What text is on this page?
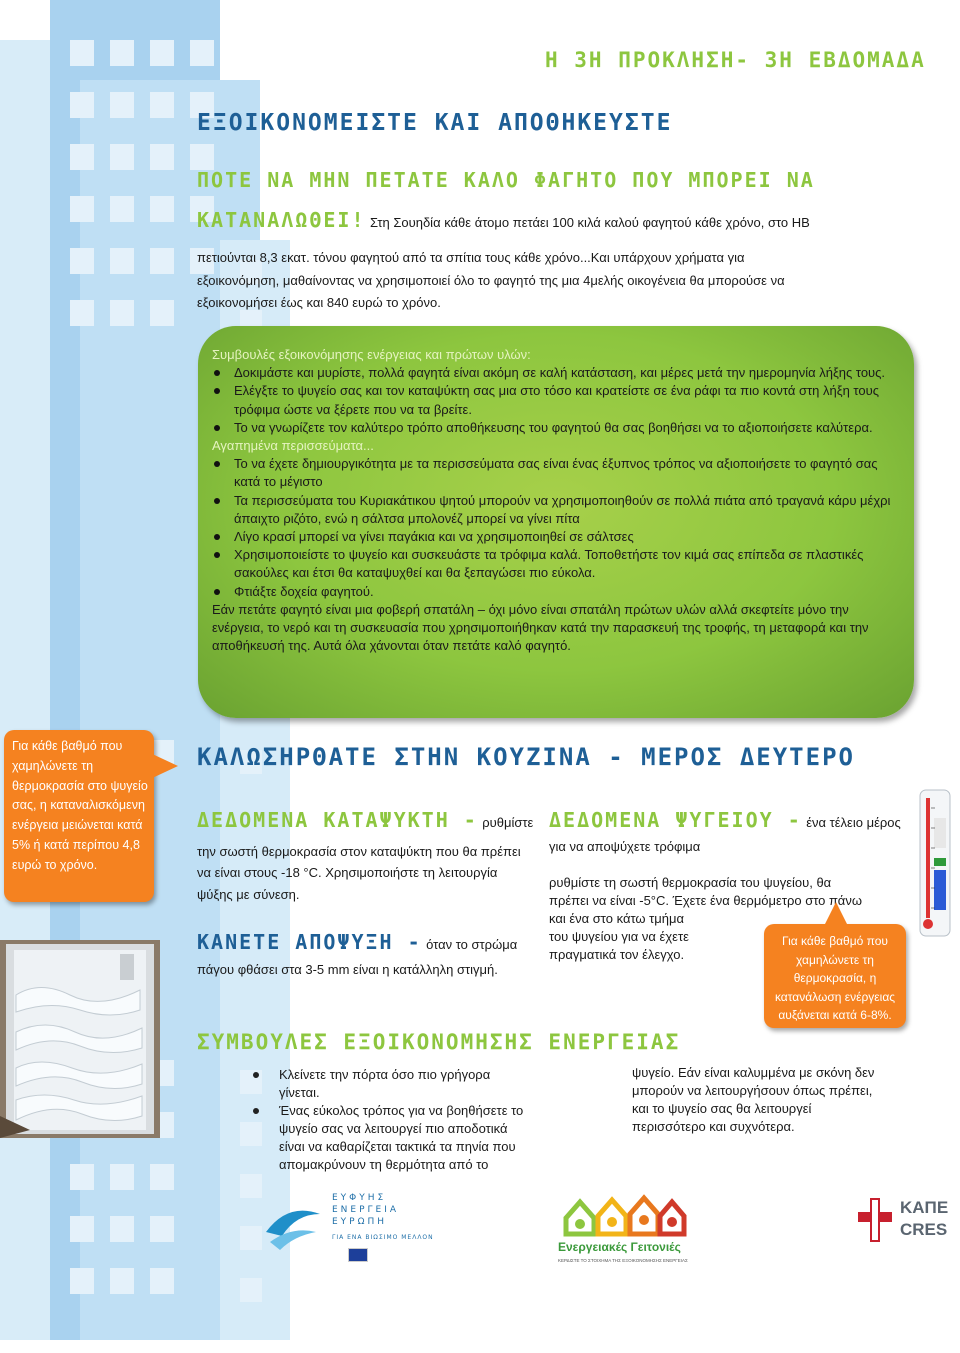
Η 3Η ΠΡΟΚΛΗΣΗ- 3Η ΕΒΔΟΜΑΔΑ
ΕΞΟΙΚΟΝΟΜΕΙΣΤΕ ΚΑΙ ΑΠΟΘΗΚΕΥΣΤΕ
ΠΟΤΕ ΝΑ ΜΗΝ ΠΕΤΑΤΕ ΚΑΛΟ ΦΑΓΗΤΟ ΠΟΥ ΜΠΟΡΕΙ ΝΑ
ΚΑΤΑΝΑΛΩΘΕΙ! Στη Σουηδία κάθε άτομο πετάει 100 κιλά καλού φαγητού κάθε χρόνο, στο ΗΒ
πετιούνται 8,3 εκατ. τόνου φαγητού από τα σπίτια τους κάθε χρόνο...Και υπάρχουν χρήματα για
εξοικονόμηση, μαθαίνοντας να χρησιμοποιεί όλο το φαγητό της μια 4μελής οικογένεια θα μπορούσε να
εξοικονομήσει έως και 840 ευρώ το χρόνο.
Συμβουλές εξοικονόμησης ενέργειας και πρώτων υλών:
Δοκιμάστε και μυρίστε, πολλά φαγητά είναι ακόμη σε καλή κατάσταση, και μέρες μετά την ημερομηνία λήξης τους.
Ελέγξτε το ψυγείο σας και τον καταψύκτη σας μια στο τόσο και κρατείστε σε ένα ράφι τα πιο κοντά στη λήξη τους τρόφιμα ώστε να ξέρετε που να τα βρείτε.
Το να γνωρίζετε τον καλύτερο τρόπο αποθήκευσης του φαγητού θα σας βοηθήσει να το αξιοποιήσετε καλύτερα.
Αγαπημένα περισσεύματα...
Το να έχετε δημιουργικότητα με τα περισσεύματα σας είναι ένας έξυπνος τρόπος να αξιοποιήσετε το φαγητό σας κατά το μέγιστο
Τα περισσεύματα του Κυριακάτικου ψητού μπορούν να χρησιμοποιηθούν σε πολλά πιάτα από τραγανά κάρυ μέχρι άπαιχτο ριζότο, ενώ η σάλτσα μπολονέζ μπορεί να γίνει πίτα
Λίγο κρασί μπορεί να γίνει παγάκια και να χρησιμοποιηθεί σε σάλτσες
Χρησιμοποιείστε το ψυγείο και συσκευάστε τα τρόφιμα καλά. Τοποθετήστε τον κιμά σας επίπεδα σε πλαστικές σακούλες και έτσι θα καταψυχθεί και θα ξεπαγώσει πιο εύκολα.
Φτιάξτε δοχεία φαγητού.
Εάν πετάτε φαγητό είναι μια φοβερή σπατάλη – όχι μόνο είναι σπατάλη πρώτων υλών αλλά σκεφτείτε μόνο την ενέργεια, το νερό και τη συσκευασία που χρησιμοποιήθηκαν κατά την παρασκευή της τροφής, τη μεταφορά και την αποθήκευσή της. Αυτά όλα χάνονται όταν πετάτε καλό φαγητό.
Για κάθε βαθμό που χαμηλώνετε τη θερμοκρασία στο ψυγείο σας, η καταναλισκόμενη ενέργεια μειώνεται κατά 5% ή κατά περίπου 4,8 ευρώ το χρόνο.
ΚΑΛΩΣΗΡΘΑΤΕ ΣΤΗΝ ΚΟΥΖΙΝΑ - ΜΕΡΟΣ ΔΕΥΤΕΡΟ
ΔΕΔΟΜΕΝΑ ΚΑΤΑΨΥΚΤΗ - ρυθμίστε
την σωστή θερμοκρασία στον καταψύκτη που θα πρέπει
να είναι στους -18 °C. Χρησιμοποιήστε τη λειτουργία
ψύξης με σύνεση.
ΚΑΝΕΤΕ ΑΠΟΨΥΞΗ - όταν το στρώμα
πάγου φθάσει στα 3-5 mm είναι η κατάλληλη στιγμή.
ΔΕΔΟΜΕΝΑ ΨΥΓΕΙΟΥ - ένα τέλειο μέρος
για να αποψύχετε τρόφιμα
ρυθμίστε τη σωστή θερμοκρασία του ψυγείου, θα
πρέπει να είναι -5°C. Έχετε ένα θερμόμετρο στο πάνω
και ένα στο κάτω τμήμα
του ψυγείου για να έχετε
πραγματικά τον έλεγχο.
Για κάθε βαθμό που χαμηλώνετε τη θερμοκρασία, η κατανάλωση ενέργειας αυξάνεται κατά 6-8%.
ΣΥΜΒΟΥΛΕΣ ΕΞΟΙΚΟΝΟΜΗΣΗΣ ΕΝΕΡΓΕΙΑΣ
Κλείνετε την πόρτα όσο πιο γρήγορα
γίνεται.
Ένας εύκολος τρόπος για να βοηθήσετε το
ψυγείο σας να λειτουργεί πιο αποδοτικά
είναι να καθαρίζεται τακτικά τα πηνία που
απομακρύνουν τη θερμότητα από το
ψυγείο. Εάν είναι καλυμμένα με σκόνη δεν
μπορούν να λειτουργήσουν όπως πρέπει,
και το ψυγείο σας θα λειτουργεί
περισσότερο και συχνότερα.
ΕΥΦΥΗΣ
ΕΝΕΡΓΕΙΑ
ΕΥΡΩΠΗ
ΓΙΑ ΕΝΑ ΒΙΩΣΙΜΟ ΜΕΛΛΟΝ
Ενεργειακές Γειτονιές
ΚΕΡΔΙΣΤΕ ΤΟ ΣΤΟΙΧΗΜΑ ΤΗΣ ΕΞΟΙΚΟΝΟΜΗΣΗΣ ΕΝΕΡΓΕΙΑΣ
ΚΑΠΕ
CRES
